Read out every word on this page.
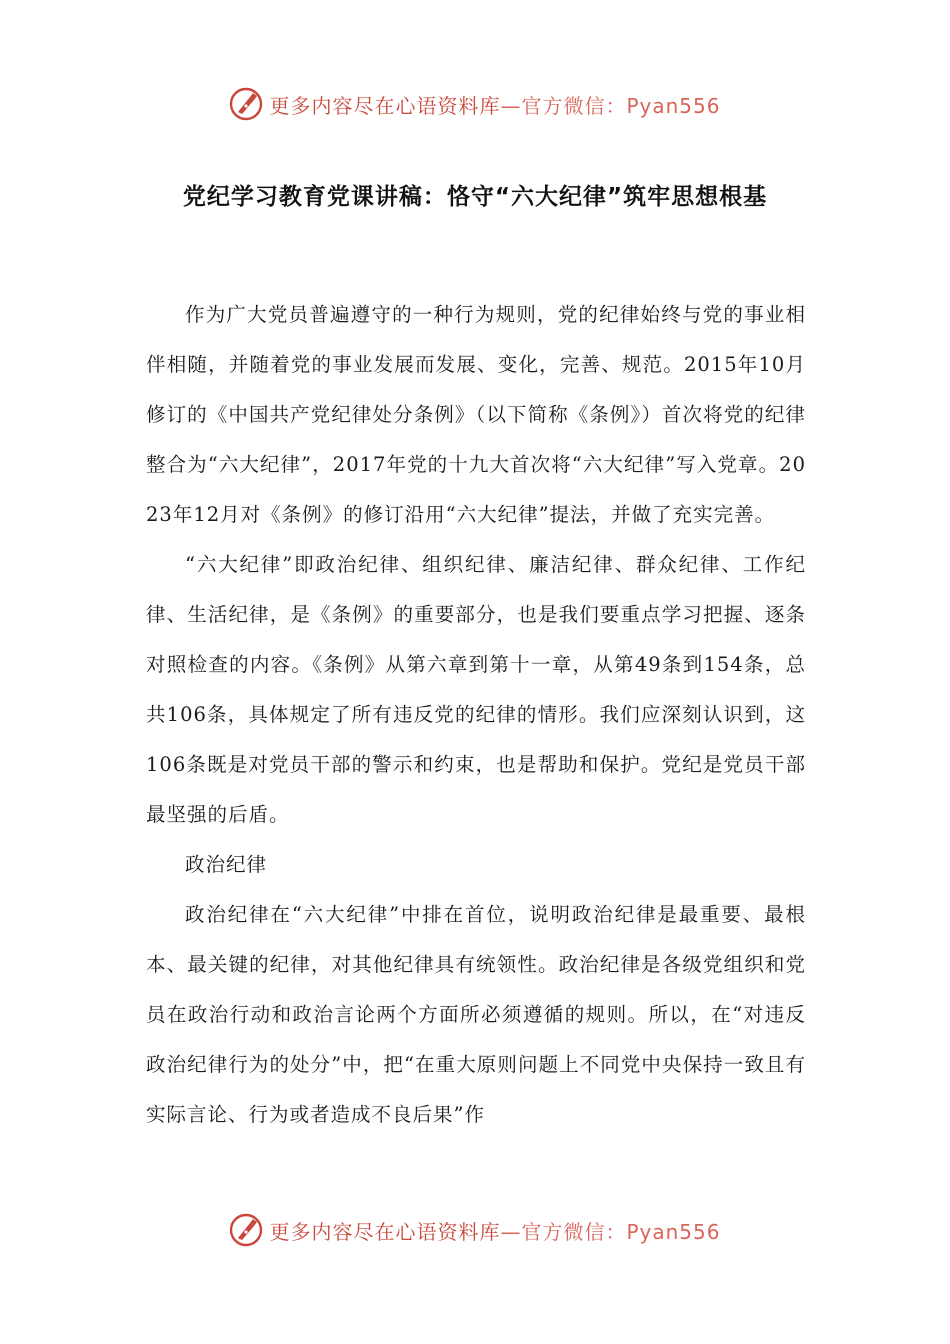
更多内容尽在心语资料库 —官方微信：Pyan556
党纪学习教育党课讲稿：恪守“六大纪律”筑牢思想根基

作为广大党员普遍遵守的一种行为规则，党的纪律始终与党的事业相伴相随，并随着党的事业发展而发展、变化，完善、规范。2015年10月修订的《中国共产党纪律处分条例》（以下简称《条例》）首次将党的纪律整合为“六大纪律”，2017年党的十九大首次将“六大纪律”写入党章。2023年12月对《条例》的修订沿用“六大纪律”提法，并做了充实完善。

“六大纪律”即政治纪律、组织纪律、廉洁纪律、群众纪律、工作纪律、生活纪律，是《条例》的重要部分，也是我们要重点学习把握、逐条对照检查的内容。《条例》从第六章到第十一章，从第49条到154条，总共106条，具体规定了所有违反党的纪律的情形。我们应深刻认识到，这106条既是对党员干部的警示和约束，也是帮助和保护。党纪是党员干部最坚强的后盾。

政治纪律

政治纪律在“六大纪律”中排在首位，说明政治纪律是最重要、最根本、最关键的纪律，对其他纪律具有统领性。政治纪律是各级党组织和党员在政治行动和政治言论两个方面所必须遵循的规则。所以，在“对违反政治纪律行为的处分”中，把“在重大原则问题上不同党中央保持一致且有实际言论、行为或者造成不良后果”作

更多内容尽在心语资料库 —官方微信：Pyan556
